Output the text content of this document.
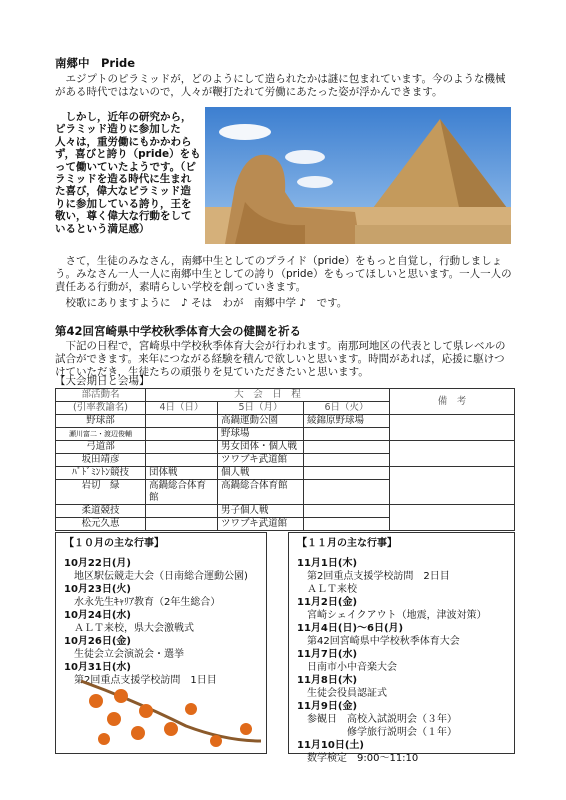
南郷中　Pride

　エジプトのピラミッドが，どのようにして造られたかは謎に包まれています。今のような機械がある時代ではないので，人々が鞭打たれて労働にあたった姿が浮かんできます。

　しかし，近年の研究から，ピラミッド造りに参加した人々は，重労働にもかかわらず，喜びと誇り（pride）をもって働いていたようです。（ピラミッドを造る時代に生まれた喜び，偉大なピラミッド造りに参加している誇り，王を敬い，尊く偉大な行動をしているという満足感）

　さて，生徒のみなさん，南郷中生としてのプライド（pride）をもっと自覚し，行動しましょう。みなさん一人一人に南郷中生としての誇り（pride）をもってほしいと思います。一人一人の責任ある行動が，素晴らしい学校を創っていきます。

　校歌にありますように　♪ そは　わが　南郷中学 ♪　です。

第42回宮崎県中学校秋季体育大会の健闘を祈る

　下記の日程で，宮崎県中学校秋季体育大会が行われます。南那珂地区の代表として県レベルの試合ができます。来年につながる経験を積んで欲しいと思います。時間があれば，応援に駆けつけていただき，生徒たちの頑張りを見ていただきたいと思います。

【大会期日と会場】
部活動名	大　会　日　程			備　考
(引率教諭名)	4日（日）	5日（月）	6日（火）	
野球部		高鍋運動公園	綾錦原野球場	
瀬川富二・渡辺俊輔		野球場		
弓道部		男女団体・個人戦		
坂田靖彦		ツワブキ武道館		
ﾊﾞﾄﾞﾐﾝﾄﾝ競技	団体戦	個人戦		
岩切　緑	高鍋総合体育館	高鍋総合体育館		
柔道競技		男子個人戦		
松元久恵		ツワブキ武道館		
【１０月の主な行事】
10月22日(月)
地区駅伝競走大会（日南総合運動公園)
10月23日(火)
水永先生ｷｬﾘｱ教育（2年生総合）
10月24日(水)
ＡＬＴ来校，県大会激戦式
10月26日(金)
生徒会立会演説会・選挙
10月31日(水)
第2回重点支援学校訪問　1日目
【１１月の主な行事】
11月1日(木)
第2回重点支援学校訪問　2日目
ＡＬＴ来校
11月2日(金)
宮崎シェイクアウト（地震，津波対策）
11月4日(日)〜6日(月)
第42回宮崎県中学校秋季体育大会
11月7日(水)
日南市小中音楽大会
11月8日(木)
生徒会役員認証式
11月9日(金)
参観日　高校入試説明会（３年）
　　　　修学旅行説明会（１年）
11月10日(土)
数学検定　9:00〜11:10
